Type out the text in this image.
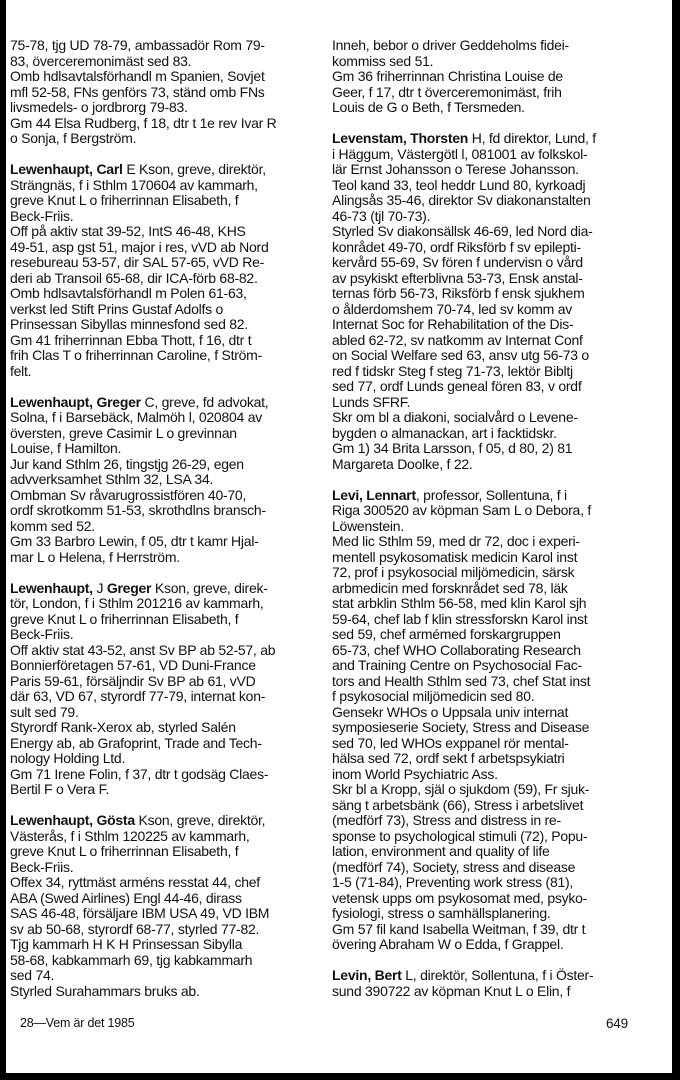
75-78, tjg UD 78-79, ambassadör Rom 79-
83, överceremonimäst sed 83.
Omb hdlsavtalsförhandl m Spanien, Sovjet
mfl 52-58, FNs genförs 73, ständ omb FNs
livsmedels- o jordbrorg 79-83.
Gm 44 Elsa Rudberg, f 18, dtr t 1e rev Ivar R
o Sonja, f Bergström.
Lewenhaupt, Carl E Kson, greve, direktör,
Strängnäs, f i Sthlm 170604 av kammarh,
greve Knut L o friherrinnan Elisabeth, f
Beck-Friis.
Off på aktiv stat 39-52, IntS 46-48, KHS
49-51, asp gst 51, major i res, vVD ab Nord
resebureau 53-57, dir SAL 57-65, vVD Re-
deri ab Transoil 65-68, dir ICA-förb 68-82.
Omb hdlsavtalsförhandl m Polen 61-63,
verkst led Stift Prins Gustaf Adolfs o
Prinsessan Sibyllas minnesfond sed 82.
Gm 41 friherrinnan Ebba Thott, f 16, dtr t
frih Clas T o friherrinnan Caroline, f Ström-
felt.
Lewenhaupt, Greger C, greve, fd advokat,
Solna, f i Barsebäck, Malmöh l, 020804 av
översten, greve Casimir L o grevinnan
Louise, f Hamilton.
Jur kand Sthlm 26, tingstjg 26-29, egen
advverksamhet Sthlm 32, LSA 34.
Ombman Sv råvarugrossistfören 40-70,
ordf skrotkomm 51-53, skrothdlns bransch-
komm sed 52.
Gm 33 Barbro Lewin, f 05, dtr t kamr Hjal-
mar L o Helena, f Herrström.
Lewenhaupt, J Greger Kson, greve, direk-
tör, London, f i Sthlm 201216 av kammarh,
greve Knut L o friherrinnan Elisabeth, f
Beck-Friis.
Off aktiv stat 43-52, anst Sv BP ab 52-57, ab
Bonnierföretagen 57-61, VD Duni-France
Paris 59-61, försäljndir Sv BP ab 61, vVD
där 63, VD 67, styrordf 77-79, internat kon-
sult sed 79.
Styrordf Rank-Xerox ab, styrled Salén
Energy ab, ab Grafoprint, Trade and Tech-
nology Holding Ltd.
Gm 71 Irene Folin, f 37, dtr t godsäg Claes-
Bertil F o Vera F.
Lewenhaupt, Gösta Kson, greve, direktör,
Västerås, f i Sthlm 120225 av kammarh,
greve Knut L o friherrinnan Elisabeth, f
Beck-Friis.
Offex 34, ryttmäst arméns resstat 44, chef
ABA (Swed Airlines) Engl 44-46, dirass
SAS 46-48, försäljare IBM USA 49, VD IBM
sv ab 50-68, styrordf 68-77, styrled 77-82.
Tjg kammarh H K H Prinsessan Sibylla
58-68, kabkammarh 69, tjg kabkammarh
sed 74.
Styrled Surahammars bruks ab.
Inneh, bebor o driver Geddeholms fidei-
kommiss sed 51.
Gm 36 friherrinnan Christina Louise de
Geer, f 17, dtr t överceremonimäst, frih
Louis de G o Beth, f Tersmeden.
Levenstam, Thorsten H, fd direktor, Lund, f
i Häggum, Västergötl l, 081001 av folkskol-
lär Ernst Johansson o Terese Johansson.
Teol kand 33, teol heddr Lund 80, kyrkoadj
Alingsås 35-46, direktor Sv diakonanstalten
46-73 (tjl 70-73).
Styrled Sv diakonsällsk 46-69, led Nord dia-
konrådet 49-70, ordf Riksförb f sv epilepti-
kervård 55-69, Sv fören f undervisn o vård
av psykiskt efterblivna 53-73, Ensk anstal-
ternas förb 56-73, Riksförb f ensk sjukhem
o ålderdomshem 70-74, led sv komm av
Internat Soc for Rehabilitation of the Dis-
abled 62-72, sv natkomm av Internat Conf
on Social Welfare sed 63, ansv utg 56-73 o
red f tidskr Steg f steg 71-73, lektör Bibltj
sed 77, ordf Lunds geneal fören 83, v ordf
Lunds SFRF.
Skr om bl a diakoni, socialvård o Levene-
bygden o almanackan, art i facktidskr.
Gm 1) 34 Brita Larsson, f 05, d 80, 2) 81
Margareta Doolke, f 22.
Levi, Lennart, professor, Sollentuna, f i
Riga 300520 av köpman Sam L o Debora, f
Löwenstein.
Med lic Sthlm 59, med dr 72, doc i experi-
mentell psykosomatisk medicin Karol inst
72, prof i psykosocial miljömedicin, särsk
arbmedicin med forsknrådet sed 78, läk
stat arbklin Sthlm 56-58, med klin Karol sjh
59-64, chef lab f klin stressforskn Karol inst
sed 59, chef armémed forskargruppen
65-73, chef WHO Collaborating Research
and Training Centre on Psychosocial Fac-
tors and Health Sthlm sed 73, chef Stat inst
f psykosocial miljömedicin sed 80.
Gensekr WHOs o Uppsala univ internat
symposieserie Society, Stress and Disease
sed 70, led WHOs exppanel rör mental-
hälsa sed 72, ordf sekt f arbetspsykiatri
inom World Psychiatric Ass.
Skr bl a Kropp, själ o sjukdom (59), Fr sjuk-
säng t arbetsbänk (66), Stress i arbetslivet
(medförf 73), Stress and distress in re-
sponse to psychological stimuli (72), Popu-
lation, environment and quality of life
(medförf 74), Society, stress and disease
1-5 (71-84), Preventing work stress (81),
vetensk upps om psykosomat med, psyko-
fysiologi, stress o samhällsplanering.
Gm 57 fil kand Isabella Weitman, f 39, dtr t
övering Abraham W o Edda, f Grappel.
Levin, Bert L, direktör, Sollentuna, f i Öster-
sund 390722 av köpman Knut L o Elin, f
28—Vem är det 1985	649
